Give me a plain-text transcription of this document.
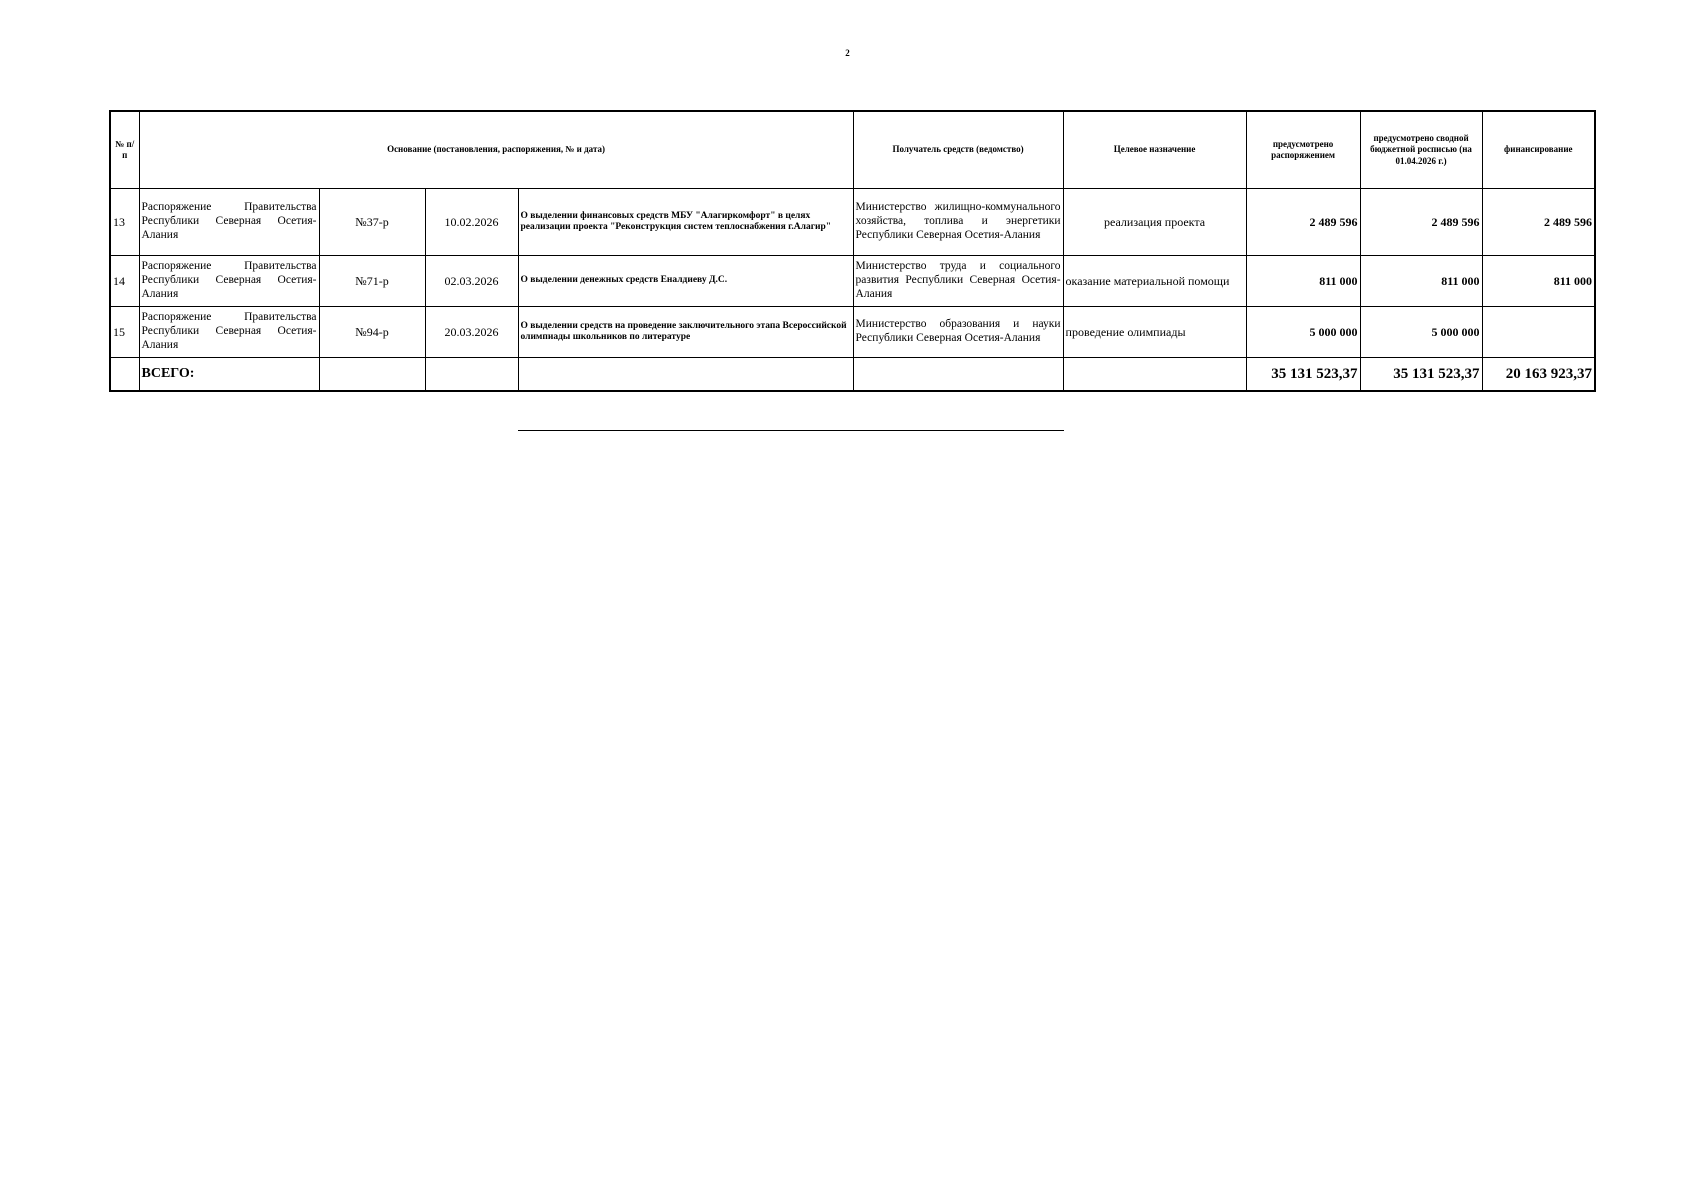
2
№ п/п	Основание (постановления, распоряжения, № и дата)				Получатель средств (ведомство)	Целевое назначение	предусмотрено распоряжением	предусмотрено сводной бюджетной росписью (на 01.04.2026 г.)	финансирование
13	Распоряжение Правительства Республики Северная Осетия-Алания	№37-р	10.02.2026	О выделении финансовых средств МБУ "Алагиркомфорт" в целях реализации проекта "Реконструкция систем теплоснабжения г.Алагир"	Министерство жилищно-коммунального хозяйства, топлива и энергетики Республики Северная Осетия-Алания	реализация проекта	2 489 596	2 489 596	2 489 596
14	Распоряжение Правительства Республики Северная Осетия-Алания	№71-р	02.03.2026	О выделении денежных средств Еналдиеву Д.С.	Министерство труда и социального развития Республики Северная Осетия-Алания	оказание материальной помощи	811 000	811 000	811 000
15	Распоряжение Правительства Республики Северная Осетия-Алания	№94-р	20.03.2026	О выделении средств на проведение заключительного этапа Всероссийской олимпиады школьников по литературе	Министерство образования и науки Республики Северная Осетия-Алания	проведение олимпиады	5 000 000	5 000 000	
	ВСЕГО:						35 131 523,37	35 131 523,37	20 163 923,37
